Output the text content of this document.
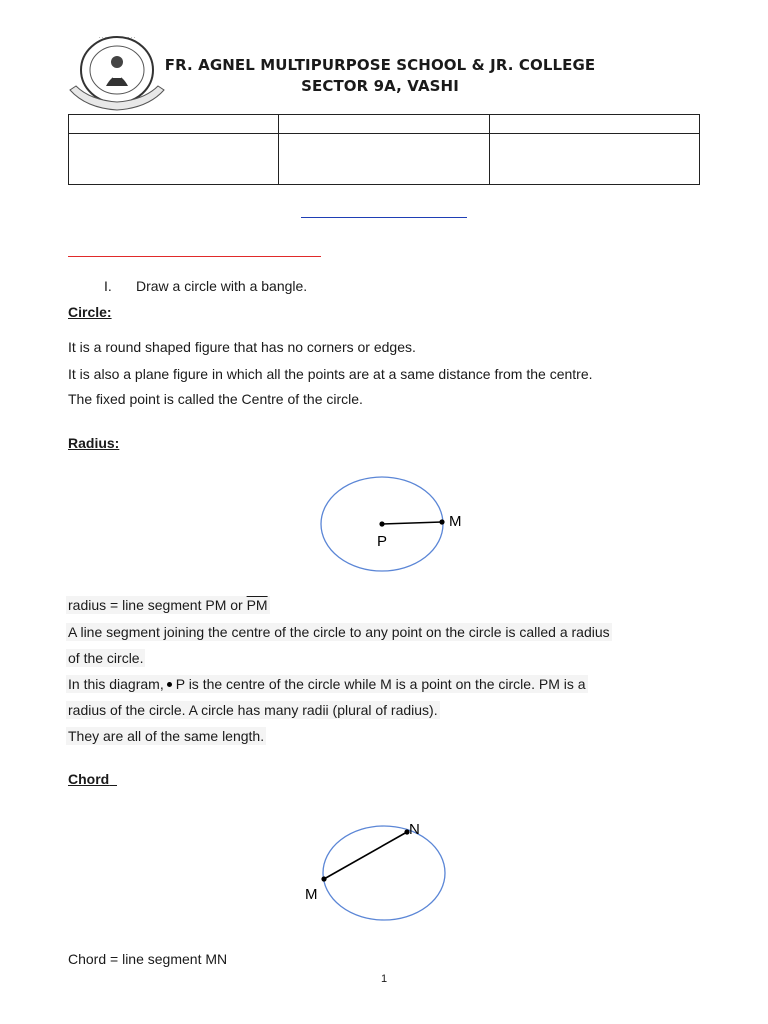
· · · · · · · · · · · ·
FR. AGNEL MULTIPURPOSE SCHOOL & JR. COLLEGE
SECTOR 9A, VASHI

I. Draw a circle with a bangle.
Circle:
It is a round shaped figure that has no corners or edges.
It is also a plane figure in which all the points are at a same distance from the centre.
The fixed point is called the Centre of the circle.
Radius:
M
P
radius = line segment PM or $\overline{PM}$
A line segment joining the centre of the circle to any point on the circle is called a radius
of the circle.
In this diagram, P is the centre of the circle while M is a point on the circle. PM is a
radius of the circle. A circle has many radii (plural of radius).
They are all of the same length.
Chord
N
M
Chord = line segment MN
1
